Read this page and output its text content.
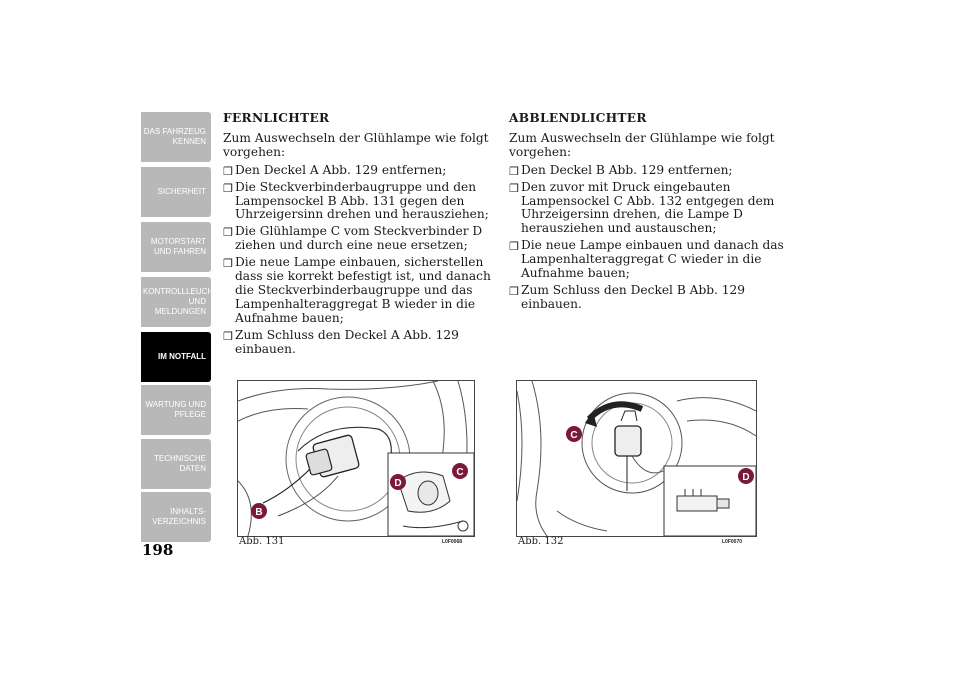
DAS FAHRZEUG KENNEN
SICHERHEIT
MOTORSTART UND FAHREN
KONTROLLLEUCHTEN UND MELDUNGEN
IM NOTFALL
WARTUNG UND PFLEGE
TECHNISCHE DATEN
INHALTS-VERZEICHNIS
198
FERNLICHTER

Zum Auswechseln der Glühlampe wie folgt vorgehen:

❒ Den Deckel A Abb. 129 entfernen;
❒ Die Steckverbinderbaugruppe und den Lampensockel B Abb. 131 gegen den Uhrzeigersinn drehen und herausziehen;
❒ Die Glühlampe C vom Steckverbinder D ziehen und durch eine neue ersetzen;
❒ Die neue Lampe einbauen, sicherstellen dass sie korrekt befestigt ist, und danach die Steckverbinderbaugruppe und das Lampenhalteraggregat B wieder in die Aufnahme bauen;
❒ Zum Schluss den Deckel A Abb. 129 einbauen.
ABBLENDLICHTER

Zum Auswechseln der Glühlampe wie folgt vorgehen:

❒ Den Deckel B Abb. 129 entfernen;
❒ Den zuvor mit Druck eingebauten Lampensockel C Abb. 132 entgegen dem Uhrzeigersinn drehen, die Lampe D herausziehen und austauschen;
❒ Die neue Lampe einbauen und danach das Lampenhalteraggregat C wieder in die Aufnahme bauen;
❒ Zum Schluss den Deckel B Abb. 129 einbauen.
B
D
C
Abb. 131	L0F0068
C
D
Abb. 132	L0F0070
